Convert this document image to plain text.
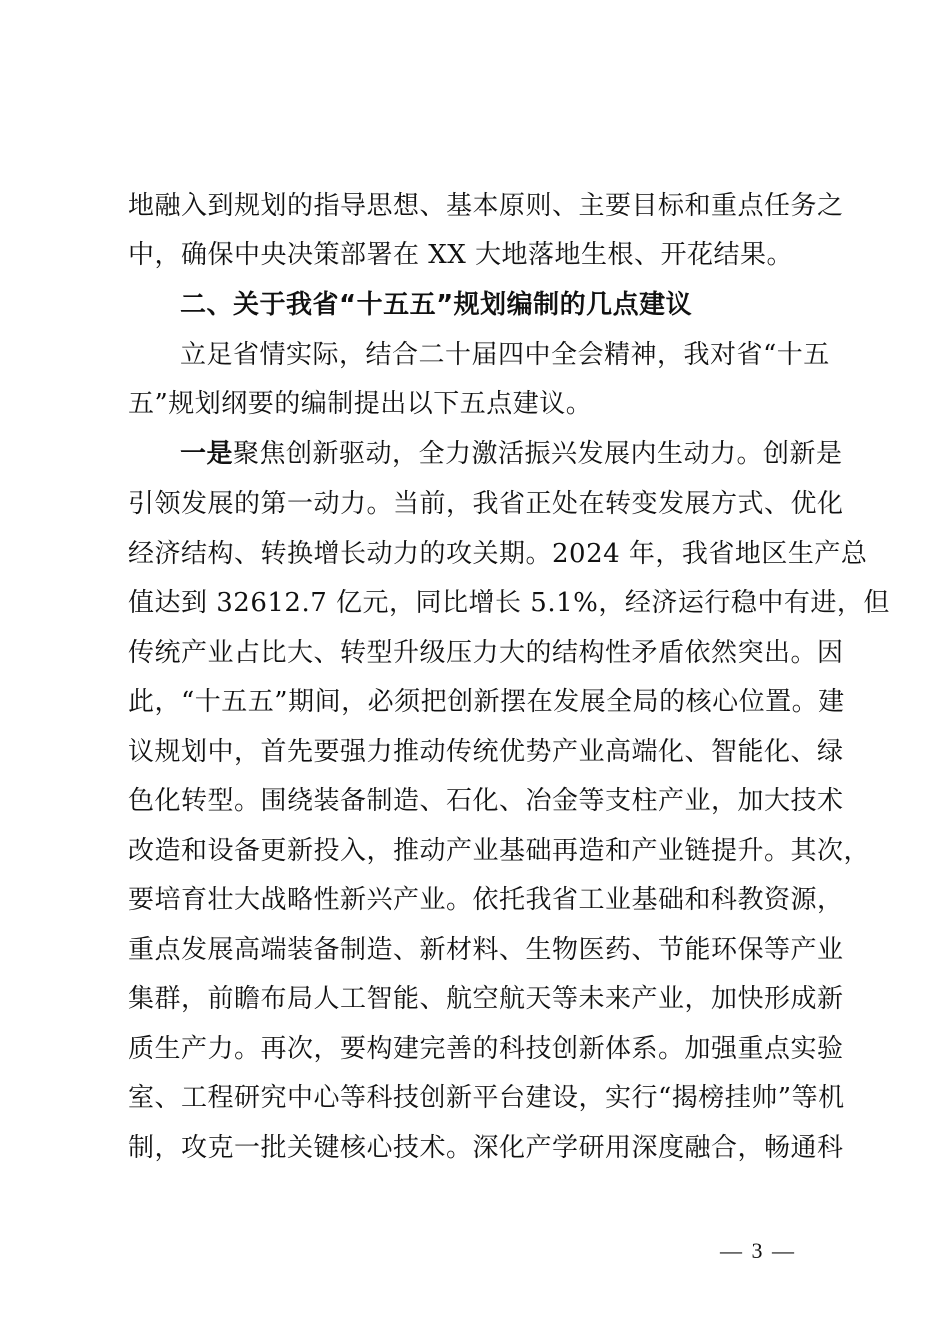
地融入到规划的指导思想、基本原则、主要目标和重点任务之
中，确保中央决策部署在 XX 大地落地生根、开花结果。
二、关于我省“十五五”规划编制的几点建议
立足省情实际，结合二十届四中全会精神，我对省“十五
五”规划纲要的编制提出以下五点建议。
一是聚焦创新驱动，全力激活振兴发展内生动力。创新是
引领发展的第一动力。当前，我省正处在转变发展方式、优化
经济结构、转换增长动力的攻关期。2024 年，我省地区生产总
值达到 32612.7 亿元，同比增长 5.1%，经济运行稳中有进，但
传统产业占比大、转型升级压力大的结构性矛盾依然突出。因
此，“十五五”期间，必须把创新摆在发展全局的核心位置。建
议规划中，首先要强力推动传统优势产业高端化、智能化、绿
色化转型。围绕装备制造、石化、冶金等支柱产业，加大技术
改造和设备更新投入，推动产业基础再造和产业链提升。其次，
要培育壮大战略性新兴产业。依托我省工业基础和科教资源，
重点发展高端装备制造、新材料、生物医药、节能环保等产业
集群，前瞻布局人工智能、航空航天等未来产业，加快形成新
质生产力。再次，要构建完善的科技创新体系。加强重点实验
室、工程研究中心等科技创新平台建设，实行“揭榜挂帅”等机
制，攻克一批关键核心技术。深化产学研用深度融合，畅通科
— 3 —
